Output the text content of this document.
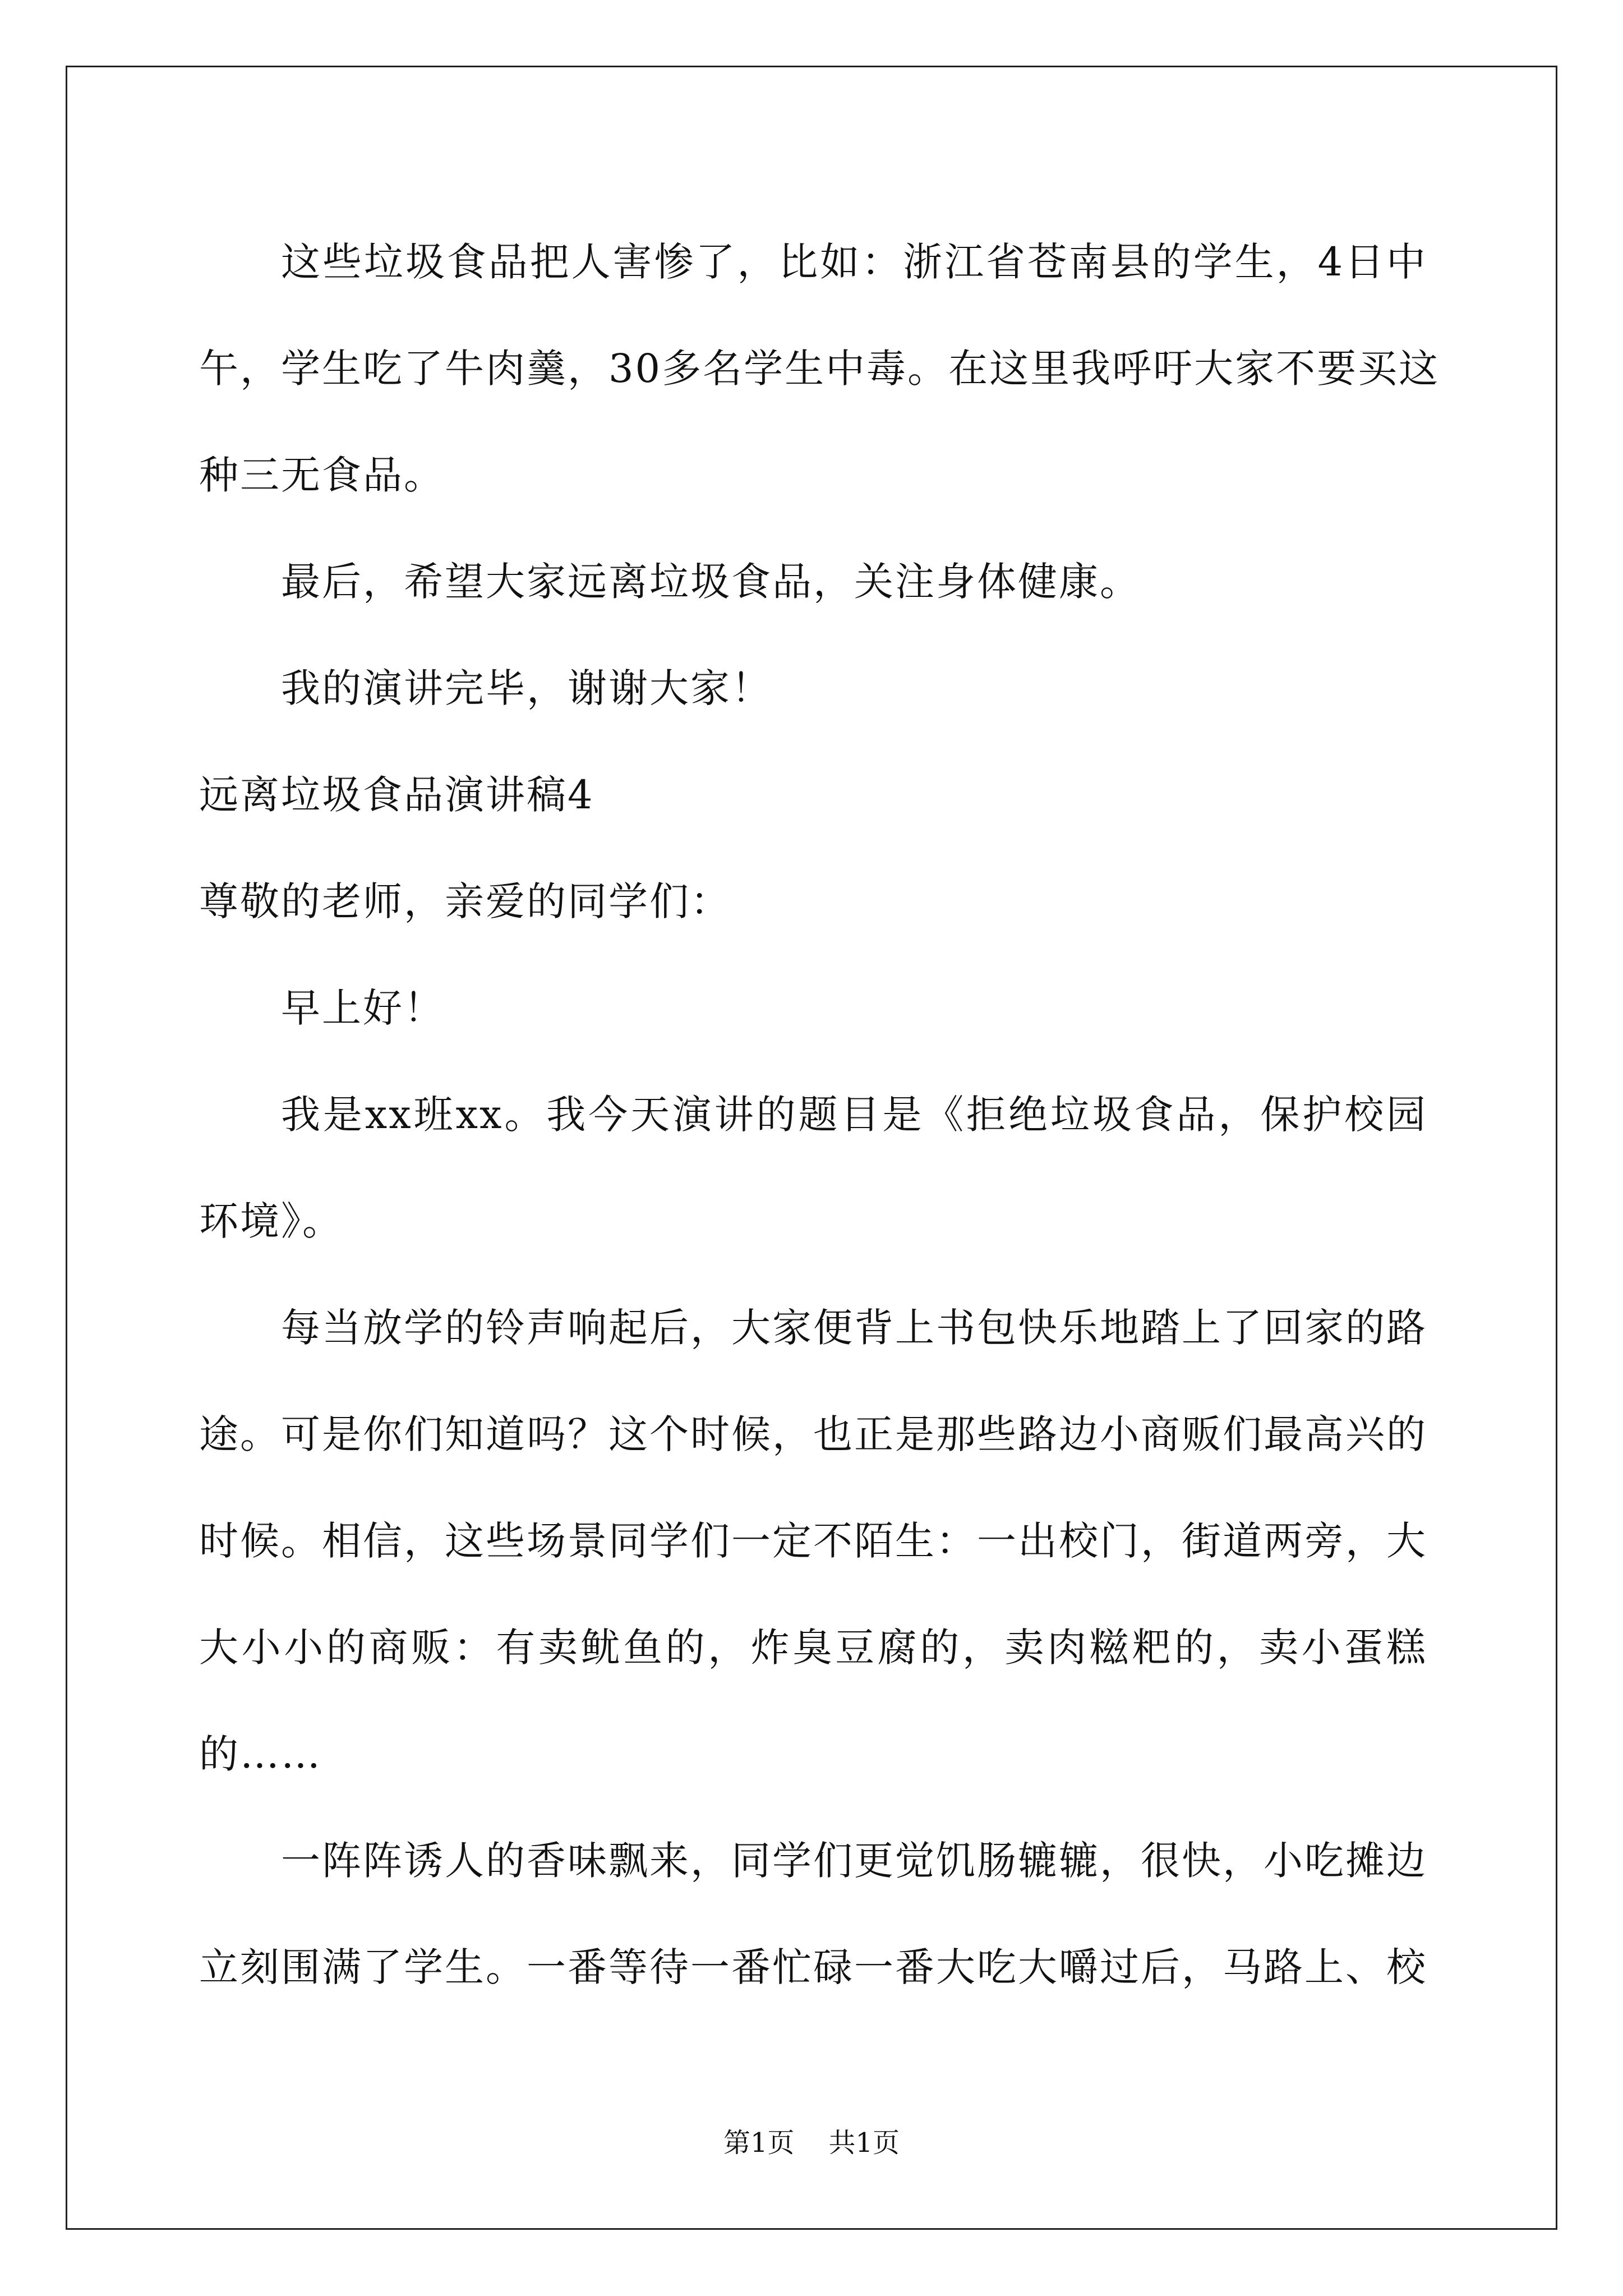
这些垃圾食品把人害惨了，比如：浙江省苍南县的学生，4日中
午，学生吃了牛肉羹，30多名学生中毒。在这里我呼吁大家不要买这
种三无食品。
最后，希望大家远离垃圾食品，关注身体健康。
我的演讲完毕，谢谢大家！
远离垃圾食品演讲稿4
尊敬的老师，亲爱的同学们：
早上好！
我是xx班xx。我今天演讲的题目是《拒绝垃圾食品，保护校园
环境》。
每当放学的铃声响起后，大家便背上书包快乐地踏上了回家的路
途。可是你们知道吗？这个时候，也正是那些路边小商贩们最高兴的
时候。相信，这些场景同学们一定不陌生：一出校门，街道两旁，大
大小小的商贩：有卖鱿鱼的，炸臭豆腐的，卖肉糍粑的，卖小蛋糕
的……
一阵阵诱人的香味飘来，同学们更觉饥肠辘辘，很快，小吃摊边
立刻围满了学生。一番等待一番忙碌一番大吃大嚼过后，马路上、校
第1页    共1页
